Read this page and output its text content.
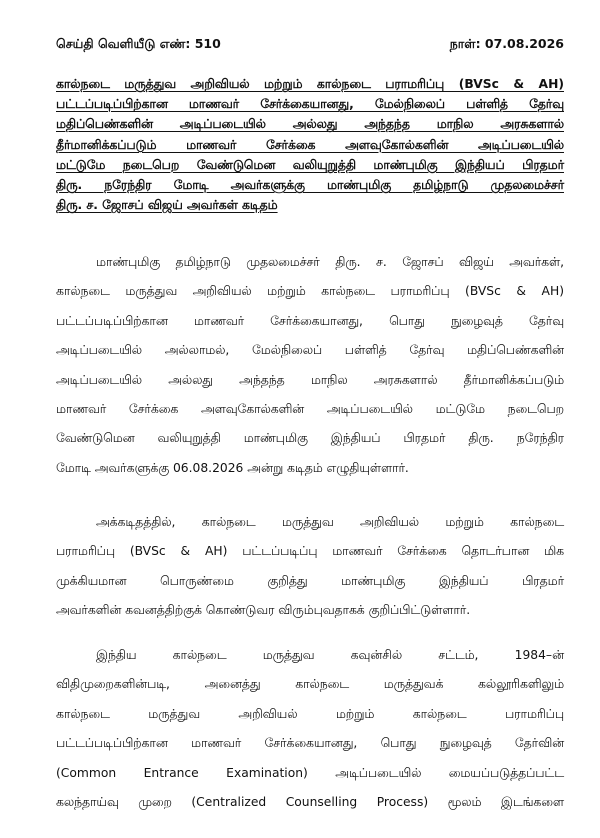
செய்தி வெளியீடு எண்: 510	நாள்: 07.08.2026
கால்நடை மருத்துவ அறிவியல் மற்றும் கால்நடை பராமரிப்பு (BVSc & AH)
பட்டப்படிப்பிற்கான மாணவர் சேர்க்கையானது, மேல்நிலைப் பள்ளித் தேர்வு
மதிப்பெண்களின் அடிப்படையில் அல்லது அந்தந்த மாநில அரசுகளால்
தீர்மானிக்கப்படும் மாணவர் சேர்க்கை அளவுகோல்களின் அடிப்படையில்
மட்டுமே நடைபெற வேண்டுமென வலியுறுத்தி மாண்புமிகு இந்தியப் பிரதமர்
திரு. நரேந்திர மோடி அவர்களுக்கு மாண்புமிகு தமிழ்நாடு முதலமைச்சர்
திரு. ச. ஜோசப் விஜய் அவர்கள் கடிதம்
மாண்புமிகு தமிழ்நாடு முதலமைச்சர் திரு. ச. ஜோசப் விஜய் அவர்கள்,
கால்நடை மருத்துவ அறிவியல் மற்றும் கால்நடை பராமரிப்பு (BVSc & AH)
பட்டப்படிப்பிற்கான மாணவர் சேர்க்கையானது, பொது நுழைவுத் தேர்வு
அடிப்படையில் அல்லாமல், மேல்நிலைப் பள்ளித் தேர்வு மதிப்பெண்களின்
அடிப்படையில் அல்லது அந்தந்த மாநில அரசுகளால் தீர்மானிக்கப்படும்
மாணவர் சேர்க்கை அளவுகோல்களின் அடிப்படையில் மட்டுமே நடைபெற
வேண்டுமென வலியுறுத்தி மாண்புமிகு இந்தியப் பிரதமர் திரு. நரேந்திர
மோடி அவர்களுக்கு 06.08.2026 அன்று கடிதம் எழுதியுள்ளார்.
அக்கடிதத்தில், கால்நடை மருத்துவ அறிவியல் மற்றும் கால்நடை
பராமரிப்பு (BVSc & AH) பட்டப்படிப்பு மாணவர் சேர்க்கை தொடர்பான மிக
முக்கியமான பொருண்மை குறித்து மாண்புமிகு இந்தியப் பிரதமர்
அவர்களின் கவனத்திற்குக் கொண்டுவர விரும்புவதாகக் குறிப்பிட்டுள்ளார்.
இந்திய கால்நடை மருத்துவ கவுன்சில் சட்டம், 1984–ன்
விதிமுறைகளின்படி, அனைத்து கால்நடை மருத்துவக் கல்லூரிகளிலும்
கால்நடை மருத்துவ அறிவியல் மற்றும் கால்நடை பராமரிப்பு
பட்டப்படிப்பிற்கான மாணவர் சேர்க்கையானது, பொது நுழைவுத் தேர்வின்
(Common Entrance Examination) அடிப்படையில் மையப்படுத்தப்பட்ட
கலந்தாய்வு முறை (Centralized Counselling Process) மூலம் இடங்களை
